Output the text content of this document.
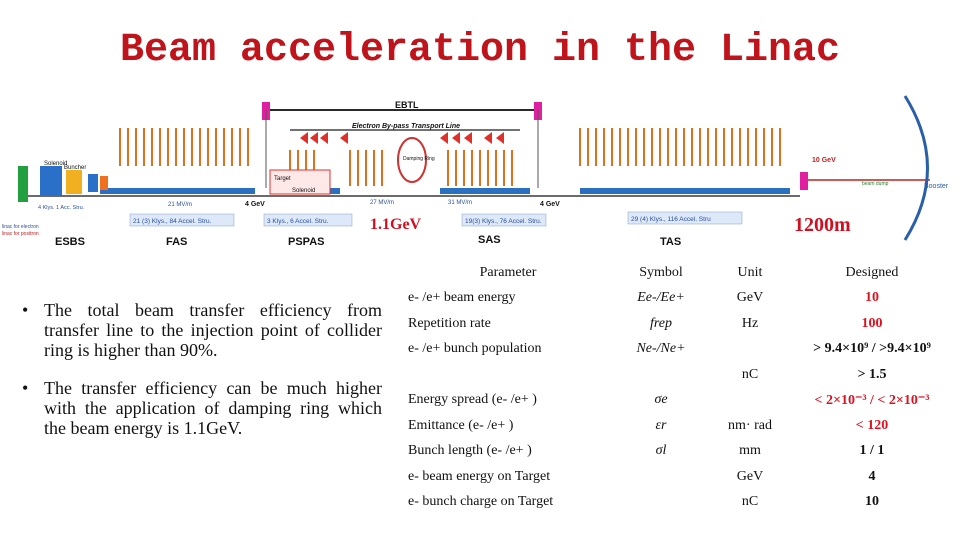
Beam acceleration in the Linac
EBTL
Electron By-pass Transport Line
Damping Ring
Solenoid
Buncher
Target
Solenoid
4 GeV	4 GeV
21 MV/m	27 MV/m	31 MV/m
10 GeV
beam dump	Booster
21 (3) Klys., 84 Accel. Stru.	3 Klys., 6 Accel. Stru.	19(3) Klys., 76 Accel. Stru.	29 (4) Klys., 116 Accel. Stru
4 Klys. 1 Acc. Stru.
linac for electron
linac for positron
1.1GeV	1200m
ESBS	FAS	PSPAS	SAS	TAS
• The total beam transfer efficiency from transfer line to the injection point of collider ring is higher than 90%.
• The transfer efficiency can be much higher with the application of damping ring which the beam energy is 1.1GeV.
Parameter	Symbol	Unit	Designed
e- /e+ beam energy	Ee-/Ee+	GeV	10
Repetition rate	frep	Hz	100
e- /e+ bunch population	Ne-/Ne+		> 9.4×10⁹ / >9.4×10⁹
		nC	> 1.5
Energy spread (e- /e+ )	σe		< 2×10⁻³ / < 2×10⁻³
Emittance (e- /e+ )	εr	nm· rad	< 120
Bunch length (e- /e+ )	σl	mm	1 / 1
e- beam energy on Target		GeV	4
e- bunch charge on Target		nC	10
